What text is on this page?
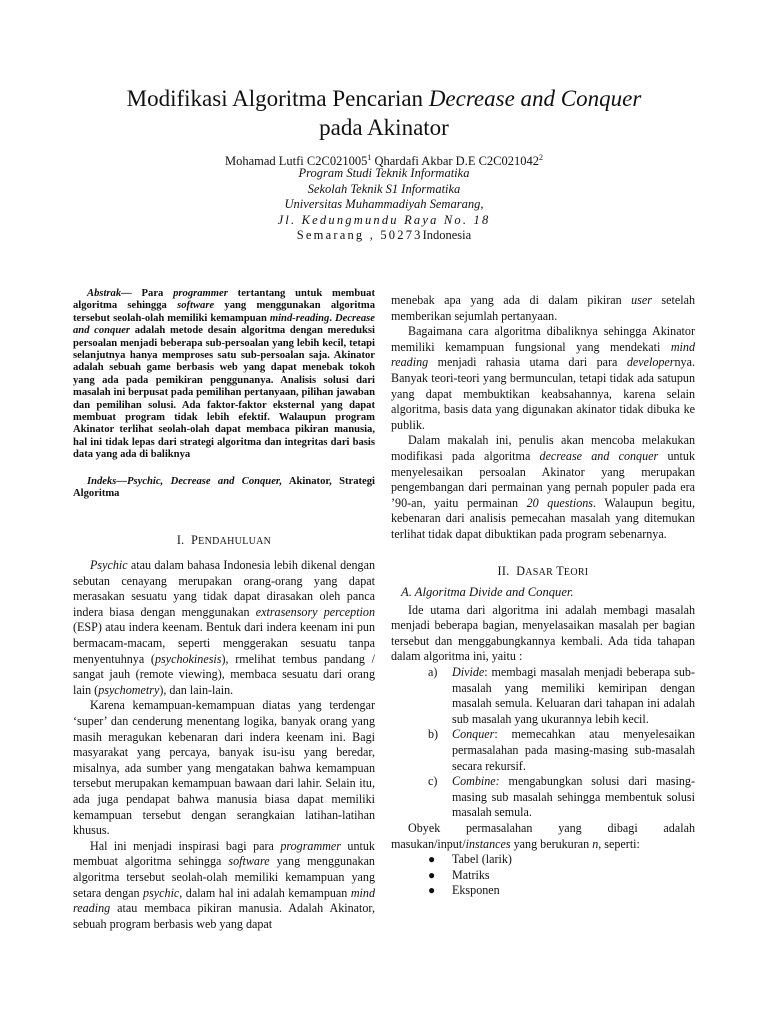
Modifikasi Algoritma Pencarian Decrease and Conquer
pada Akinator
Mohamad Lutfi C2C021005$^1$ Qhardafi Akbar D.E C2C021042$^2$
Program Studi Teknik Informatika
Sekolah Teknik S1 Informatika
Universitas Muhammadiyah Semarang,
Jl. Kedungmundu Raya No. 18
Semarang , 50273Indonesia

Abstrak— Para programmer tertantang untuk membuat algoritma sehingga software yang menggunakan algoritma tersebut seolah-olah memiliki kemampuan mind-reading. Decrease and conquer adalah metode desain algoritma dengan mereduksi persoalan menjadi beberapa sub-persoalan yang lebih kecil, tetapi selanjutnya hanya memproses satu sub-persoalan saja. Akinator adalah sebuah game berbasis web yang dapat menebak tokoh yang ada pada pemikiran penggunanya. Analisis solusi dari masalah ini berpusat pada pemilihan pertanyaan, pilihan jawaban dan pemilihan solusi. Ada faktor-faktor eksternal yang dapat membuat program tidak lebih efektif. Walaupun program Akinator terlihat seolah-olah dapat membaca pikiran manusia, hal ini tidak lepas dari strategi algoritma dan integritas dari basis data yang ada di baliknya

Indeks—Psychic, Decrease and Conquer, Akinator, Strategi Algoritma

I. PENDAHULUAN

Psychic atau dalam bahasa Indonesia lebih dikenal dengan sebutan cenayang merupakan orang-orang yang dapat merasakan sesuatu yang tidak dapat dirasakan oleh panca indera biasa dengan menggunakan extrasensory perception (ESP) atau indera keenam. Bentuk dari indera keenam ini pun bermacam-macam, seperti menggerakan sesuatu tanpa menyentuhnya (psychokinesis), rmelihat tembus pandang / sangat jauh (remote viewing), membaca sesuatu dari orang lain (psychometry), dan lain-lain.

Karena kemampuan-kemampuan diatas yang terdengar ‘super’ dan cenderung menentang logika, banyak orang yang masih meragukan kebenaran dari indera keenam ini. Bagi masyarakat yang percaya, banyak isu-isu yang beredar, misalnya, ada sumber yang mengatakan bahwa kemampuan tersebut merupakan kemampuan bawaan dari lahir. Selain itu, ada juga pendapat bahwa manusia biasa dapat memiliki kemampuan tersebut dengan serangkaian latihan-latihan khusus.

Hal ini menjadi inspirasi bagi para programmer untuk membuat algoritma sehingga software yang menggunakan algoritma tersebut seolah-olah memiliki kemampuan yang setara dengan psychic, dalam hal ini adalah kemampuan mind reading atau membaca pikiran manusia. Adalah Akinator, sebuah program berbasis web yang dapat

menebak apa yang ada di dalam pikiran user setelah memberikan sejumlah pertanyaan.

Bagaimana cara algoritma dibaliknya sehingga Akinator memiliki kemampuan fungsional yang mendekati mind reading menjadi rahasia utama dari para developernya. Banyak teori-teori yang bermunculan, tetapi tidak ada satupun yang dapat membuktikan keabsahannya, karena selain algoritma, basis data yang digunakan akinator tidak dibuka ke publik.

Dalam makalah ini, penulis akan mencoba melakukan modifikasi pada algoritma decrease and conquer untuk menyelesaikan persoalan Akinator yang merupakan pengembangan dari permainan yang pernah populer pada era ’90-an, yaitu permainan 20 questions. Walaupun begitu, kebenaran dari analisis pemecahan masalah yang ditemukan terlihat tidak dapat dibuktikan pada program sebenarnya.

II. DASAR TEORI
A. Algoritma Divide and Conquer.

Ide utama dari algoritma ini adalah membagi masalah menjadi beberapa bagian, menyelasaikan masalah per bagian tersebut dan menggabungkannya kembali. Ada tida tahapan dalam algoritma ini, yaitu :

a) Divide: membagi masalah menjadi beberapa sub-masalah yang memiliki kemiripan dengan masalah semula. Keluaran dari tahapan ini adalah sub masalah yang ukurannya lebih kecil.
b) Conquer: memecahkan atau menyelesaikan permasalahan pada masing-masing sub-masalah secara rekursif.
c) Combine: mengabungkan solusi dari masing-masing sub masalah sehingga membentuk solusi masalah semula.

Obyek permasalahan yang dibagi adalah masukan/input/instances yang berukuran n, seperti:

● Tabel (larik)
● Matriks
● Eksponen
